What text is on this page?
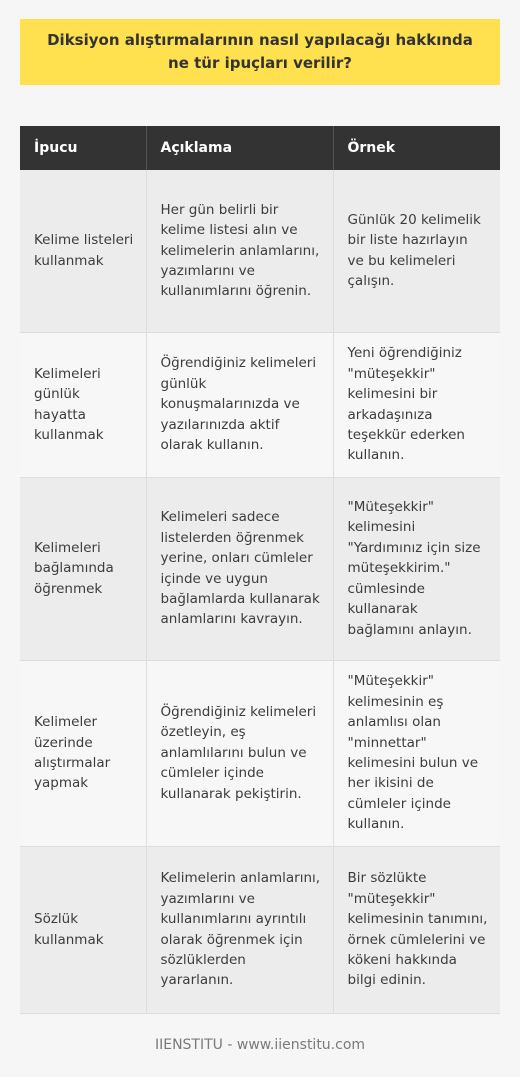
Diksiyon alıştırmalarının nasıl yapılacağı hakkında ne tür ipuçları verilir?
İpucu	Açıklama	Örnek
Kelime listeleri kullanmak	Her gün belirli bir kelime listesi alın ve kelimelerin anlamlarını, yazımlarını ve kullanımlarını öğrenin.	Günlük 20 kelimelik bir liste hazırlayın ve bu kelimeleri çalışın.
Kelimeleri günlük hayatta kullanmak	Öğrendiğiniz kelimeleri günlük konuşmalarınızda ve yazılarınızda aktif olarak kullanın.	Yeni öğrendiğiniz "müteşekkir" kelimesini bir arkadaşınıza teşekkür ederken kullanın.
Kelimeleri bağlamında öğrenmek	Kelimeleri sadece listelerden öğrenmek yerine, onları cümleler içinde ve uygun bağlamlarda kullanarak anlamlarını kavrayın.	"Müteşekkir" kelimesini "Yardımınız için size müteşekkirim." cümlesinde kullanarak bağlamını anlayın.
Kelimeler üzerinde alıştırmalar yapmak	Öğrendiğiniz kelimeleri özetleyin, eş anlamlılarını bulun ve cümleler içinde kullanarak pekiştirin.	"Müteşekkir" kelimesinin eş anlamlısı olan "minnettar" kelimesini bulun ve her ikisini de cümleler içinde kullanın.
Sözlük kullanmak	Kelimelerin anlamlarını, yazımlarını ve kullanımlarını ayrıntılı olarak öğrenmek için sözlüklerden yararlanın.	Bir sözlükte "müteşekkir" kelimesinin tanımını, örnek cümlelerini ve kökeni hakkında bilgi edinin.
IIENSTITU - www.iienstitu.com
